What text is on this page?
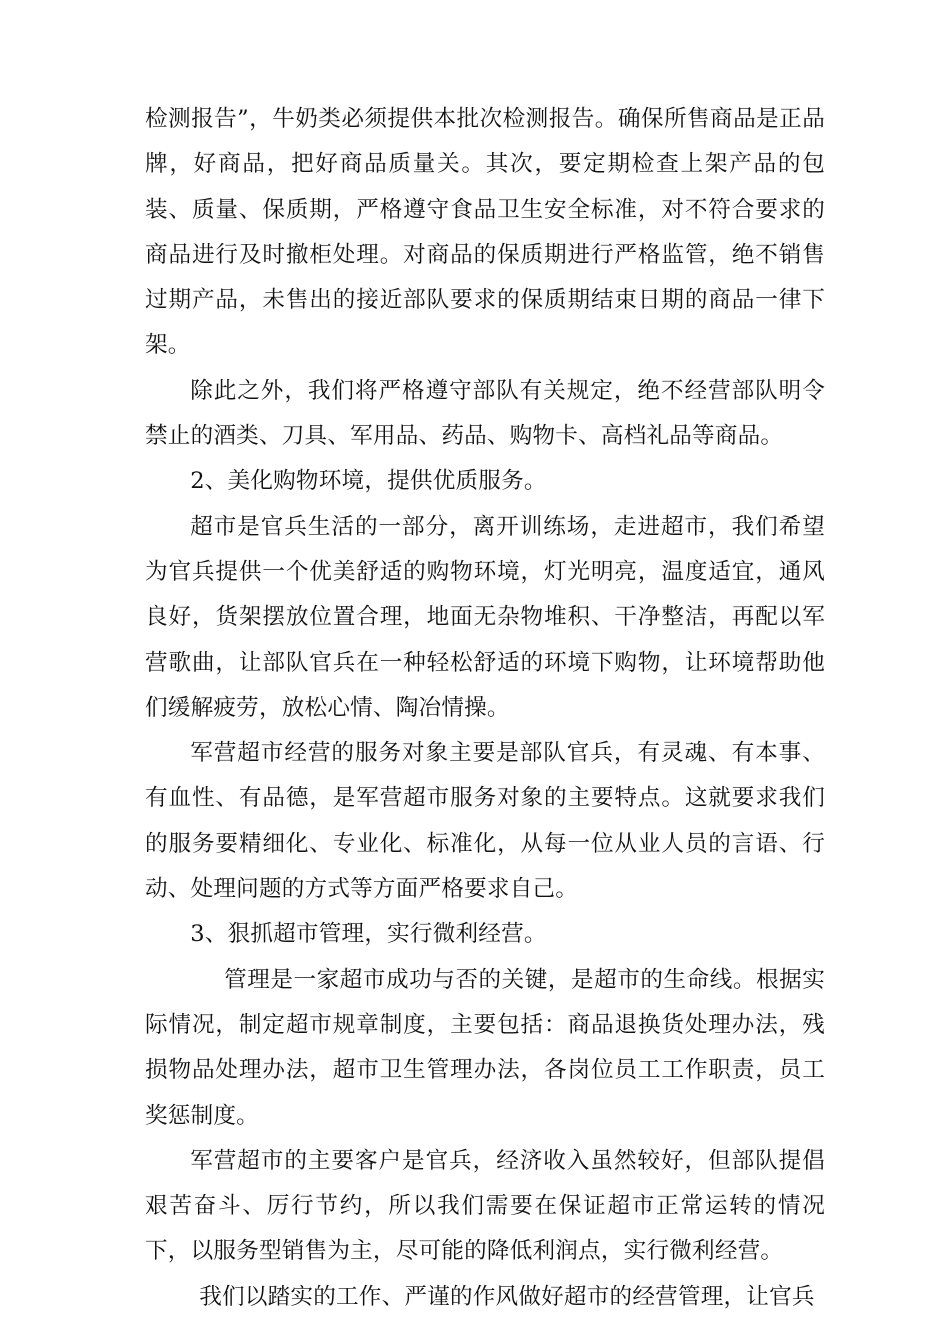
检测报告”，牛奶类必须提供本批次检测报告。确保所售商品是正品牌，好商品，把好商品质量关。其次，要定期检查上架产品的包装、质量、保质期，严格遵守食品卫生安全标准，对不符合要求的商品进行及时撤柜处理。对商品的保质期进行严格监管，绝不销售过期产品，未售出的接近部队要求的保质期结束日期的商品一律下架。

除此之外，我们将严格遵守部队有关规定，绝不经营部队明令禁止的酒类、刀具、军用品、药品、购物卡、高档礼品等商品。

2、美化购物环境，提供优质服务。

超市是官兵生活的一部分，离开训练场，走进超市，我们希望为官兵提供一个优美舒适的购物环境，灯光明亮，温度适宜，通风良好，货架摆放位置合理，地面无杂物堆积、干净整洁，再配以军营歌曲，让部队官兵在一种轻松舒适的环境下购物，让环境帮助他们缓解疲劳，放松心情、陶冶情操。

军营超市经营的服务对象主要是部队官兵，有灵魂、有本事、有血性、有品德，是军营超市服务对象的主要特点。这就要求我们的服务要精细化、专业化、标准化，从每一位从业人员的言语、行动、处理问题的方式等方面严格要求自己。

3、狠抓超市管理，实行微利经营。

管理是一家超市成功与否的关键，是超市的生命线。根据实际情况，制定超市规章制度，主要包括：商品退换货处理办法，残损物品处理办法，超市卫生管理办法，各岗位员工工作职责，员工奖惩制度。

军营超市的主要客户是官兵，经济收入虽然较好，但部队提倡艰苦奋斗、厉行节约，所以我们需要在保证超市正常运转的情况下，以服务型销售为主，尽可能的降低利润点，实行微利经营。

我们以踏实的工作、严谨的作风做好超市的经营管理，让官兵
